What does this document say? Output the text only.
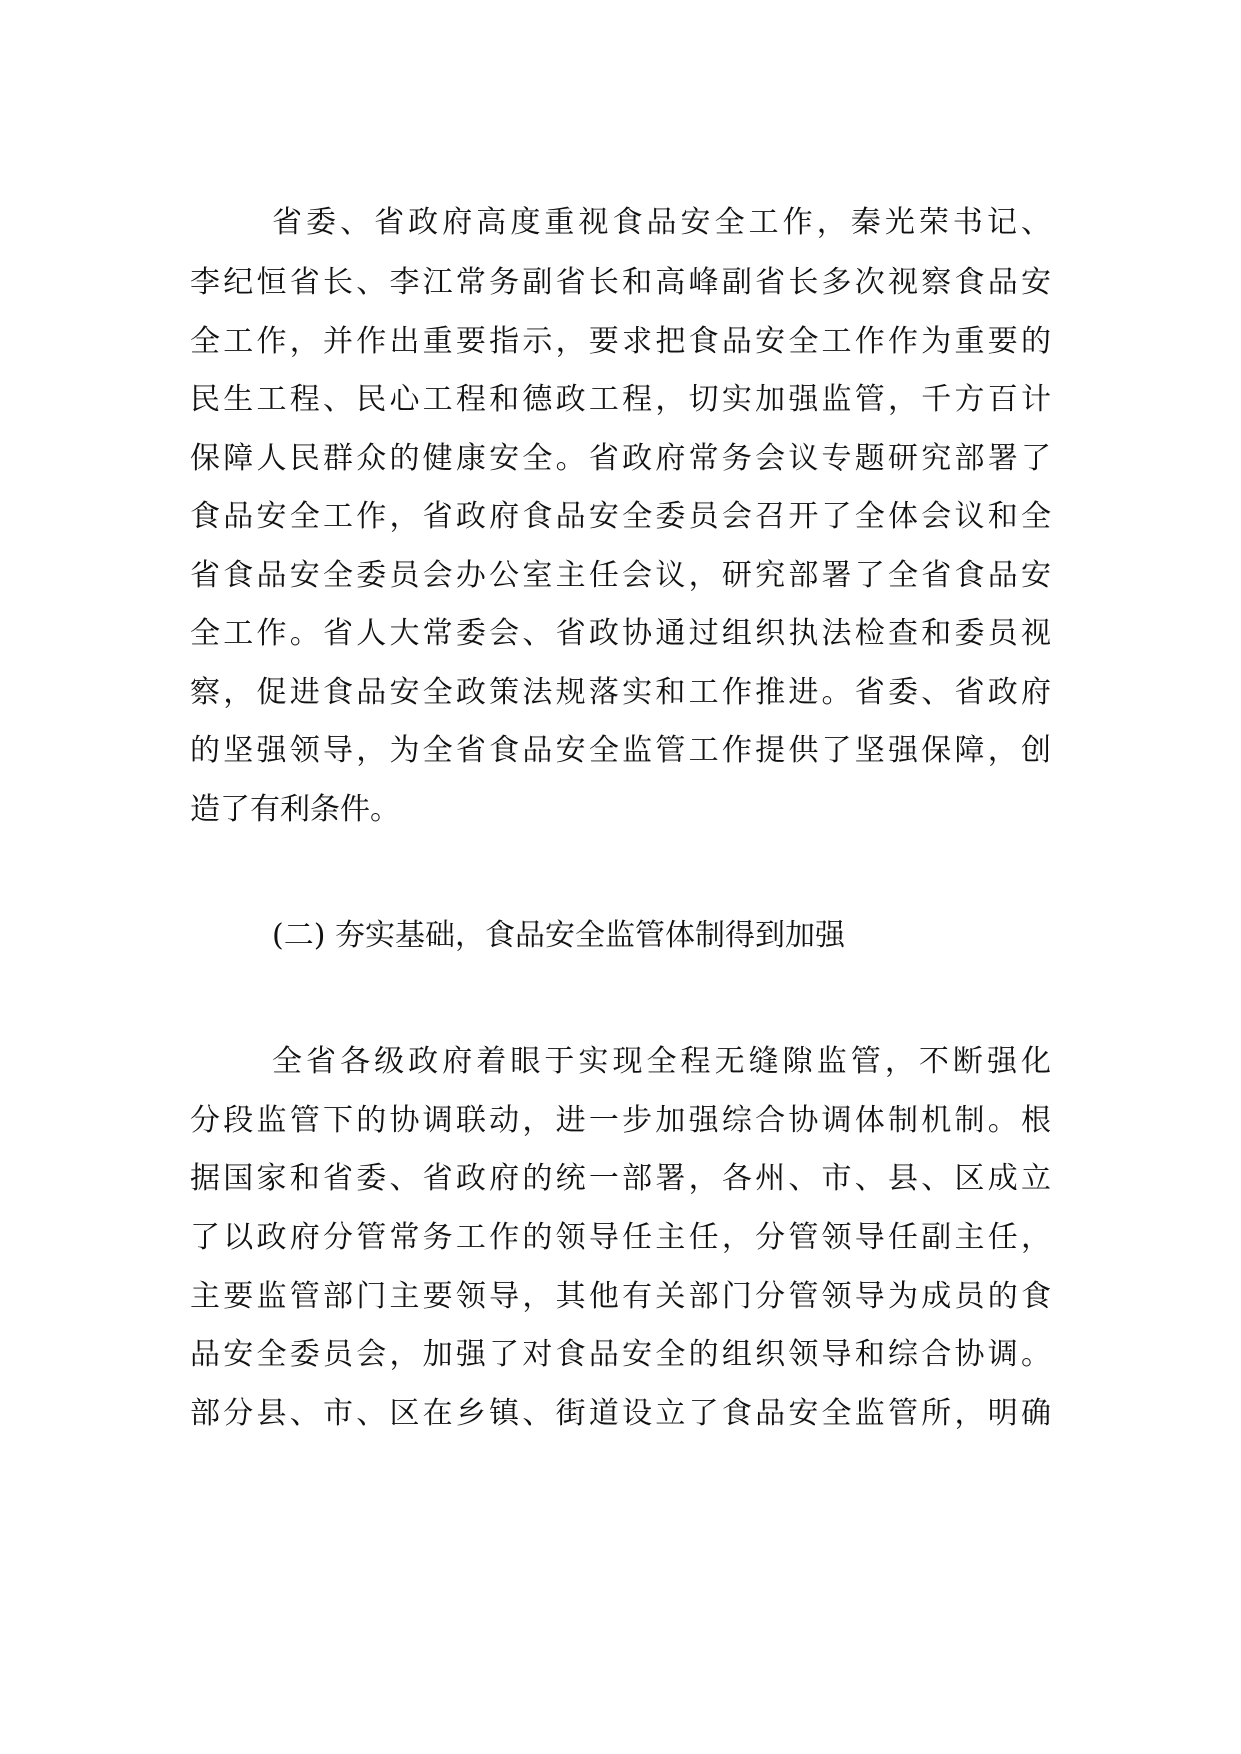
省委、省政府高度重视食品安全工作，秦光荣书记、
李纪恒省长、李江常务副省长和高峰副省长多次视察食品安
全工作，并作出重要指示，要求把食品安全工作作为重要的
民生工程、民心工程和德政工程，切实加强监管，千方百计
保障人民群众的健康安全。省政府常务会议专题研究部署了
食品安全工作，省政府食品安全委员会召开了全体会议和全
省食品安全委员会办公室主任会议，研究部署了全省食品安
全工作。省人大常委会、省政协通过组织执法检查和委员视
察，促进食品安全政策法规落实和工作推进。省委、省政府
的坚强领导，为全省食品安全监管工作提供了坚强保障，创
造了有利条件。
(二) 夯实基础，食品安全监管体制得到加强
全省各级政府着眼于实现全程无缝隙监管，不断强化
分段监管下的协调联动，进一步加强综合协调体制机制。根
据国家和省委、省政府的统一部署，各州、市、县、区成立
了以政府分管常务工作的领导任主任，分管领导任副主任，
主要监管部门主要领导，其他有关部门分管领导为成员的食
品安全委员会，加强了对食品安全的组织领导和综合协调。
部分县、市、区在乡镇、街道设立了食品安全监管所，明确
